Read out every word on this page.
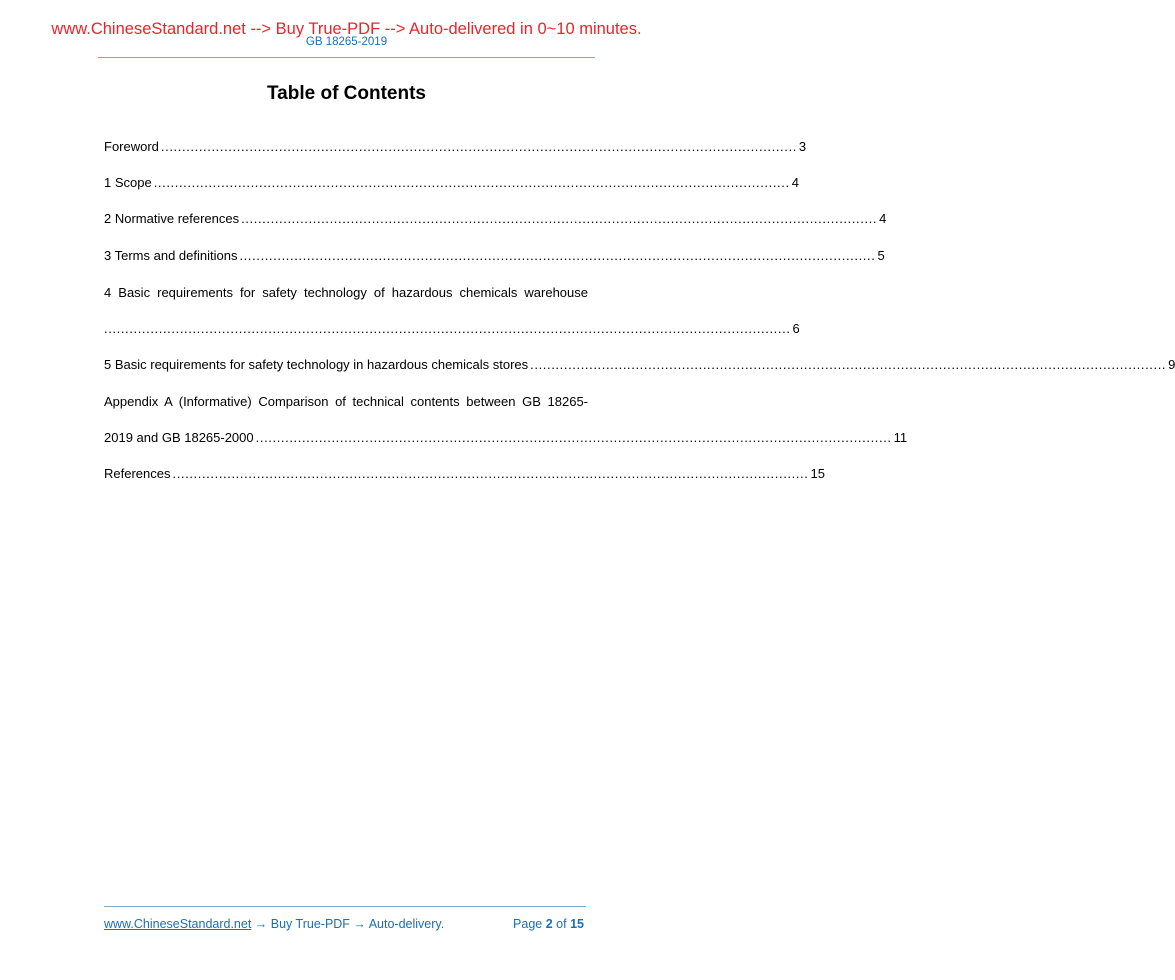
www.ChineseStandard.net --> Buy True-PDF --> Auto-delivered in 0~10 minutes.
GB 18265-2019
Table of Contents
Foreword ....................................................................................................................................................... 3
1 Scope ....................................................................................................................................................... 4
2 Normative references ....................................................................................................................................................... 4
3 Terms and definitions ....................................................................................................................................................... 5
4 Basic requirements for safety technology of hazardous chemicals warehouse
................................................................................................................................................................... 6
5 Basic requirements for safety technology in hazardous chemicals stores ....................................................................................................................................................... 9
Appendix A (Informative) Comparison of technical contents between GB 18265-
2019 and GB 18265-2000 ....................................................................................................................................................... 11
References ....................................................................................................................................................... 15
www.ChineseStandard.net → Buy True-PDF → Auto-delivery.	Page 2 of 15
